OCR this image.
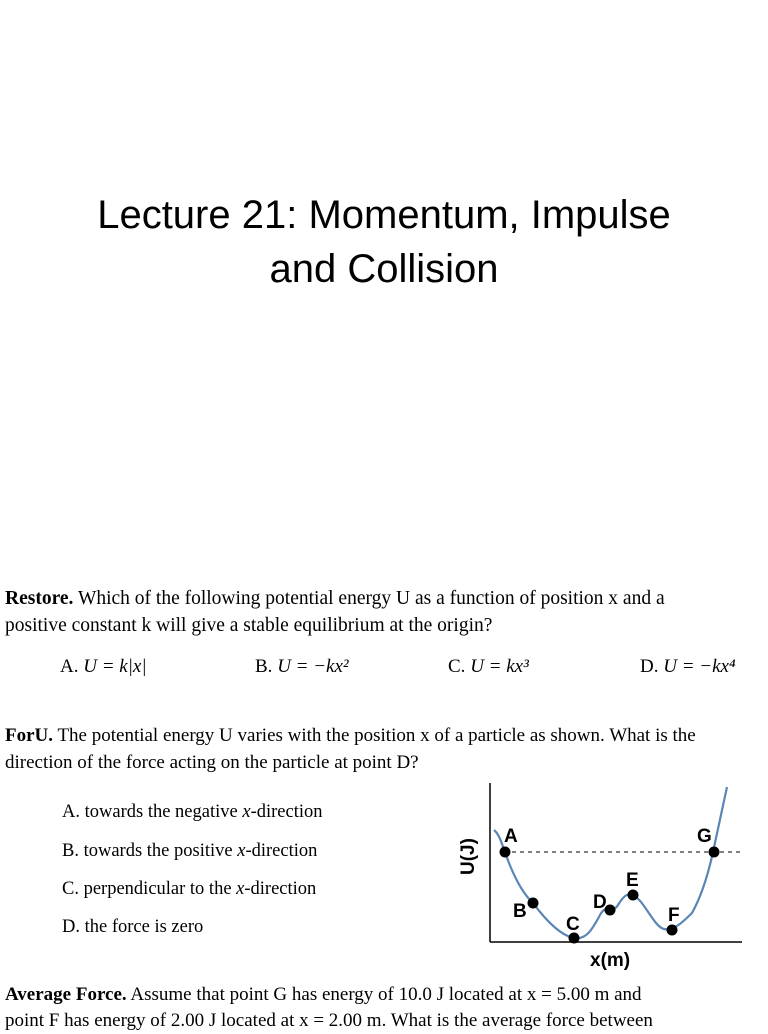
Lecture 21: Momentum, Impulse
and Collision
Restore. Which of the following potential energy U as a function of position x and a
positive constant k will give a stable equilibrium at the origin?
A. U = k|x|	B. U = −kx²	C. U = kx³	D. U = −kx⁴
ForU. The potential energy U varies with the position x of a particle as shown. What is the
direction of the force acting on the particle at point D?
A. towards the negative x-direction
B. towards the positive x-direction
C. perpendicular to the x-direction
D. the force is zero
A
B
C
D
E
F
G
U(J)
x(m)
Average Force. Assume that point G has energy of 10.0 J located at x = 5.00 m and
point F has energy of 2.00 J located at x = 2.00 m. What is the average force between
